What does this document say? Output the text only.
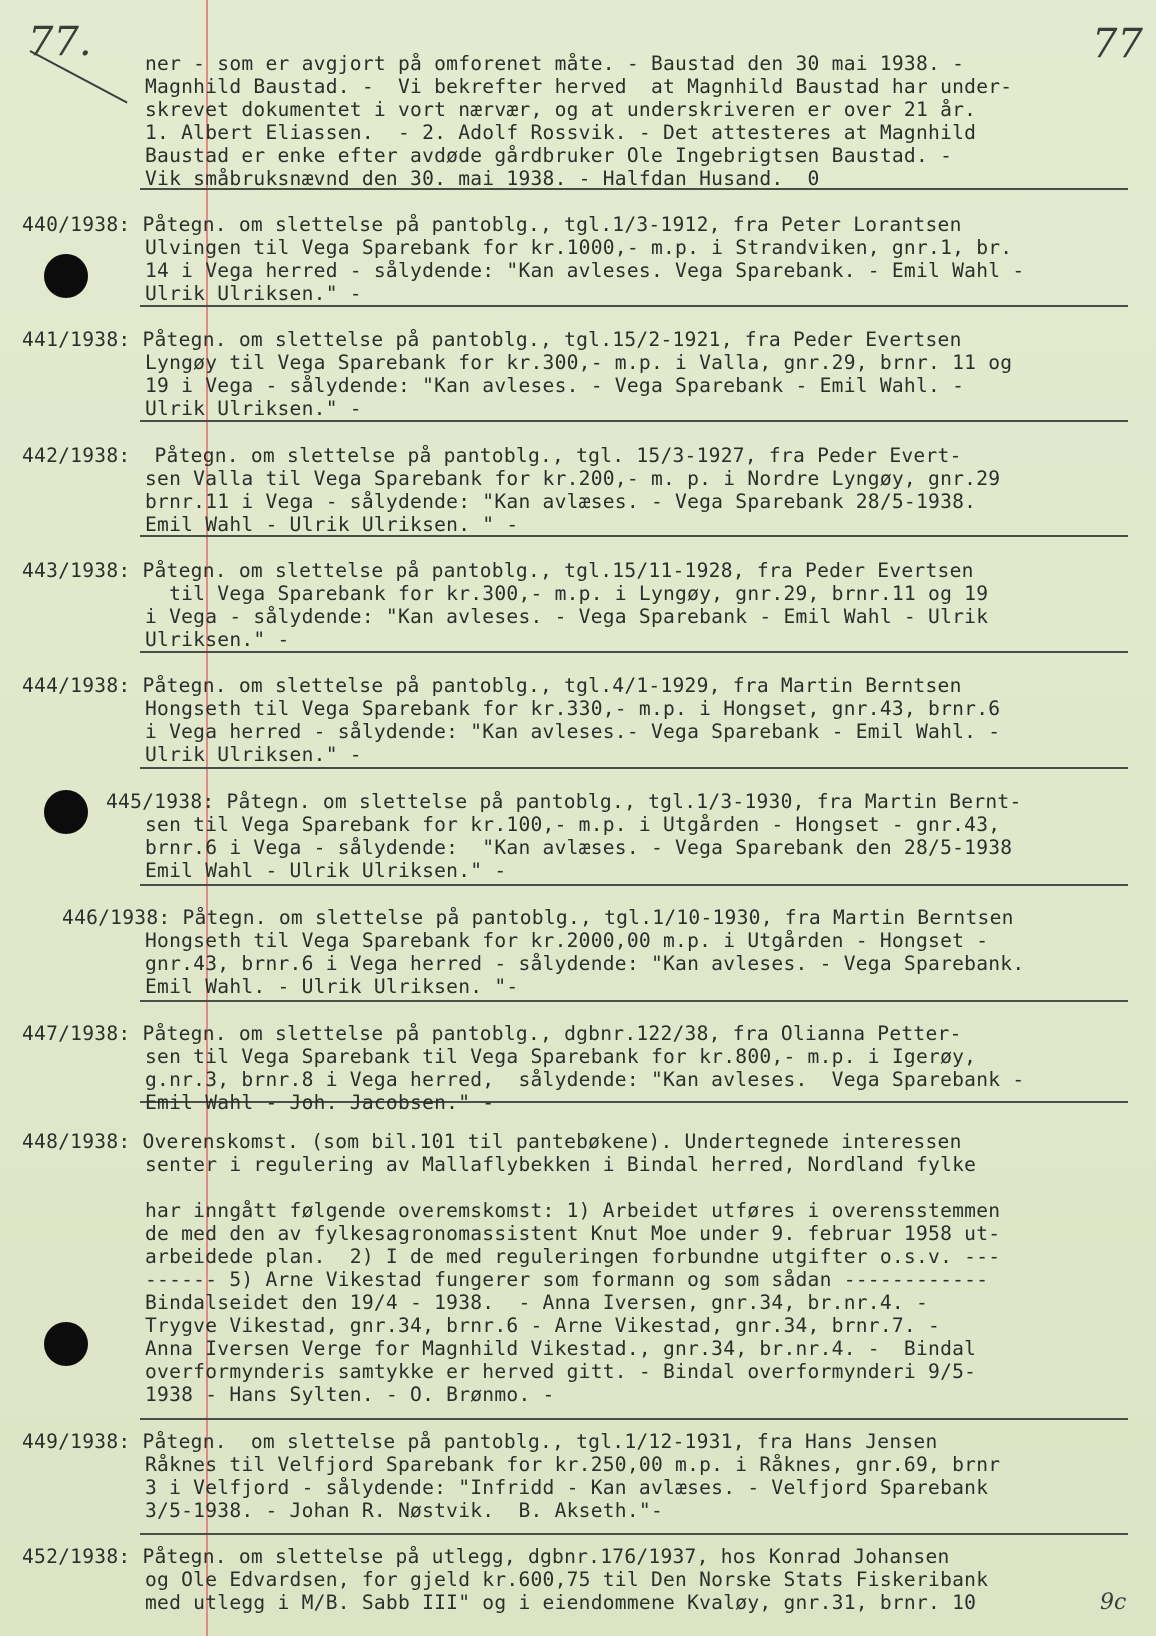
77.	77
ner - som er avgjort på omforenet måte. - Baustad den 30 mai 1938. -
Magnhild Baustad. -  Vi bekrefter herved  at Magnhild Baustad har under-
skrevet dokumentet i vort nærvær, og at underskriveren er over 21 år.
1. Albert Eliassen.  - 2. Adolf Rossvik. - Det attesteres at Magnhild
Baustad er enke efter avdøde gårdbruker Ole Ingebrigtsen Baustad. -
Vik småbruksnævnd den 30. mai 1938. - Halfdan Husand.  0
440/1938: Påtegn. om slettelse på pantoblg., tgl.1/3-1912, fra Peter Lorantsen
Ulvingen til Vega Sparebank for kr.1000,- m.p. i Strandviken, gnr.1, br.
14 i Vega herred - sålydende: "Kan avleses. Vega Sparebank. - Emil Wahl -
Ulrik Ulriksen." -
441/1938: Påtegn. om slettelse på pantoblg., tgl.15/2-1921, fra Peder Evertsen
Lyngøy til Vega Sparebank for kr.300,- m.p. i Valla, gnr.29, brnr. 11 og
19 i Vega - sålydende: "Kan avleses. - Vega Sparebank - Emil Wahl. -
Ulrik Ulriksen." -
442/1938:  Påtegn. om slettelse på pantoblg., tgl. 15/3-1927, fra Peder Evert-
sen Valla til Vega Sparebank for kr.200,- m. p. i Nordre Lyngøy, gnr.29
brnr.11 i Vega - sålydende: "Kan avlæses. - Vega Sparebank 28/5-1938.
Emil Wahl - Ulrik Ulriksen. " -
443/1938: Påtegn. om slettelse på pantoblg., tgl.15/11-1928, fra Peder Evertsen
til Vega Sparebank for kr.300,- m.p. i Lyngøy, gnr.29, brnr.11 og 19
i Vega - sålydende: "Kan avleses. - Vega Sparebank - Emil Wahl - Ulrik
Ulriksen." -
444/1938: Påtegn. om slettelse på pantoblg., tgl.4/1-1929, fra Martin Berntsen
Hongseth til Vega Sparebank for kr.330,- m.p. i Hongset, gnr.43, brnr.6
i Vega herred - sålydende: "Kan avleses.- Vega Sparebank - Emil Wahl. -
Ulrik Ulriksen." -
445/1938: Påtegn. om slettelse på pantoblg., tgl.1/3-1930, fra Martin Bernt-
sen til Vega Sparebank for kr.100,- m.p. i Utgården - Hongset - gnr.43,
brnr.6 i Vega - sålydende:  "Kan avlæses. - Vega Sparebank den 28/5-1938
Emil Wahl - Ulrik Ulriksen." -
446/1938: Påtegn. om slettelse på pantoblg., tgl.1/10-1930, fra Martin Berntsen
Hongseth til Vega Sparebank for kr.2000,00 m.p. i Utgården - Hongset -
gnr.43, brnr.6 i Vega herred - sålydende: "Kan avleses. - Vega Sparebank.
Emil Wahl. - Ulrik Ulriksen. "-
447/1938: Påtegn. om slettelse på pantoblg., dgbnr.122/38, fra Olianna Petter-
sen til Vega Sparebank til Vega Sparebank for kr.800,- m.p. i Igerøy,
g.nr.3, brnr.8 i Vega herred,  sålydende: "Kan avleses.  Vega Sparebank -
Emil Wahl - Joh. Jacobsen." -
448/1938: Overenskomst. (som bil.101 til pantebøkene). Undertegnede interessen
senter i regulering av Mallaflybekken i Bindal herred, Nordland fylke
har inngått følgende overemskomst: 1) Arbeidet utføres i overensstemmen
de med den av fylkesagronomassistent Knut Moe under 9. februar 1958 ut-
arbeidede plan.  2) I de med reguleringen forbundne utgifter o.s.v. ---
------ 5) Arne Vikestad fungerer som formann og som sådan ------------
Bindalseidet den 19/4 - 1938.  - Anna Iversen, gnr.34, br.nr.4. -
Trygve Vikestad, gnr.34, brnr.6 - Arne Vikestad, gnr.34, brnr.7. -
Anna Iversen Verge for Magnhild Vikestad., gnr.34, br.nr.4. -  Bindal
overformynderis samtykke er herved gitt. - Bindal overformynderi 9/5-
1938 - Hans Sylten. - O. Brønmo. -
449/1938: Påtegn.  om slettelse på pantoblg., tgl.1/12-1931, fra Hans Jensen
Råknes til Velfjord Sparebank for kr.250,00 m.p. i Råknes, gnr.69, brnr
3 i Velfjord - sålydende: "Infridd - Kan avlæses. - Velfjord Sparebank
3/5-1938. - Johan R. Nøstvik.  B. Akseth."-
452/1938: Påtegn. om slettelse på utlegg, dgbnr.176/1937, hos Konrad Johansen
og Ole Edvardsen, for gjeld kr.600,75 til Den Norske Stats Fiskeribank
med utlegg i M/B. Sabb III" og i eiendommene Kvaløy, gnr.31, brnr. 10	9c
